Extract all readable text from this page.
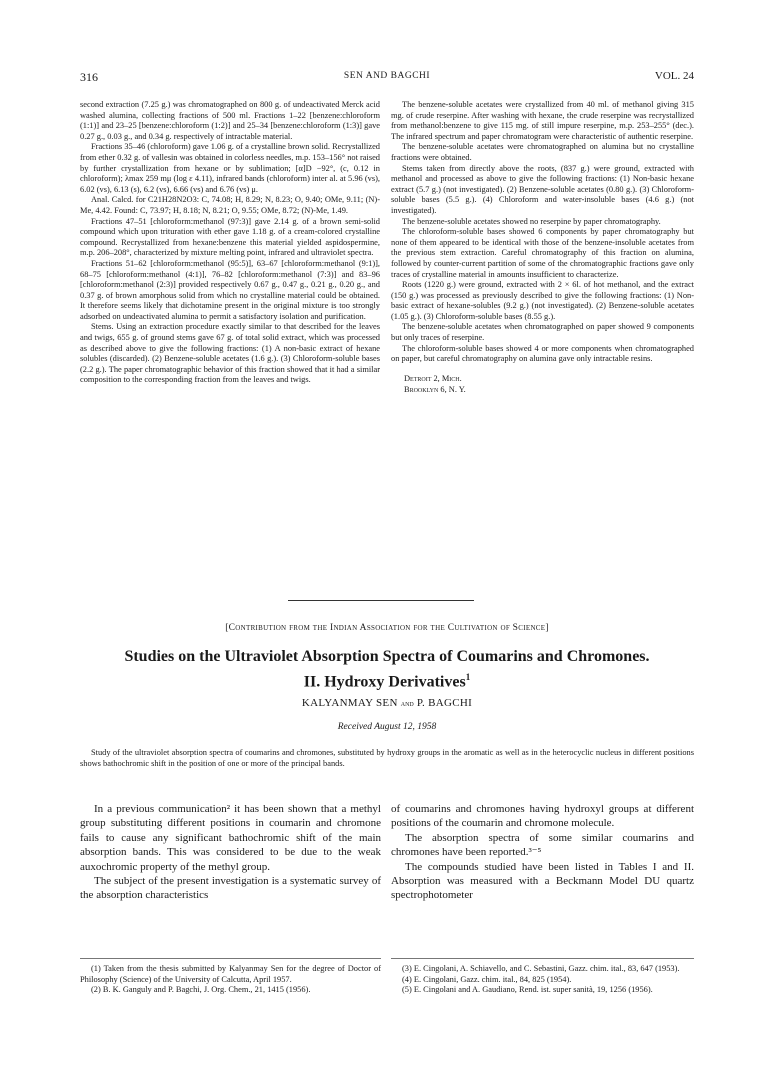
316	SEN AND BAGCHI	VOL. 24

second extraction (7.25 g.) was chromatographed on 800 g. of undeactivated Merck acid washed alumina, collecting fractions of 500 ml. Fractions 1–22 [benzene:chloroform (1:1)] and 23–25 [benzene:chloroform (1:2)] and 25–34 [benzene:chloroform (1:3)] gave 0.27 g., 0.03 g., and 0.34 g. respectively of intractable material.

Fractions 35–46 (chloroform) gave 1.06 g. of a crystalline brown solid. Recrystallized from ether 0.32 g. of vallesin was obtained in colorless needles, m.p. 153–156° not raised by further crystallization from hexane or by sublimation; [α]D −92°, (c, 0.12 in chloroform); λmax 259 mμ (log ε 4.11), infrared bands (chloroform) inter al. at 5.96 (vs), 6.02 (vs), 6.13 (s), 6.2 (vs), 6.66 (vs) and 6.76 (vs) μ.

Anal. Calcd. for C21H28N2O3: C, 74.08; H, 8.29; N, 8.23; O, 9.40; OMe, 9.11; (N)-Me, 4.42. Found: C, 73.97; H, 8.18; N, 8.21; O, 9.55; OMe, 8.72; (N)-Me, 1.49.

Fractions 47–51 [chloroform:methanol (97:3)] gave 2.14 g. of a brown semi-solid compound which upon trituration with ether gave 1.18 g. of a cream-colored crystalline compound. Recrystallized from hexane:benzene this material yielded aspidospermine, m.p. 206–208°, characterized by mixture melting point, infrared and ultraviolet spectra.

Fractions 51–62 [chloroform:methanol (95:5)], 63–67 [chloroform:methanol (9:1)], 68–75 [chloroform:methanol (4:1)], 76–82 [chloroform:methanol (7:3)] and 83–96 [chloroform:methanol (2:3)] provided respectively 0.67 g., 0.47 g., 0.21 g., 0.20 g., and 0.37 g. of brown amorphous solid from which no crystalline material could be obtained. It therefore seems likely that dichotamine present in the original mixture is too strongly adsorbed on undeactivated alumina to permit a satisfactory isolation and purification.

Stems. Using an extraction procedure exactly similar to that described for the leaves and twigs, 655 g. of ground stems gave 67 g. of total solid extract, which was processed as described above to give the following fractions: (1) A non-basic extract of hexane solubles (discarded). (2) Benzene-soluble acetates (1.6 g.). (3) Chloroform-soluble bases (2.2 g.). The paper chromatographic behavior of this fraction showed that it had a similar composition to the corresponding fraction from the leaves and twigs.

The benzene-soluble acetates were crystallized from 40 ml. of methanol giving 315 mg. of crude reserpine. After washing with hexane, the crude reserpine was recrystallized from methanol:benzene to give 115 mg. of still impure reserpine, m.p. 253–255° (dec.). The infrared spectrum and paper chromatogram were characteristic of authentic reserpine.

The benzene-soluble acetates were chromatographed on alumina but no crystalline fractions were obtained.

Stems taken from directly above the roots, (837 g.) were ground, extracted with methanol and processed as above to give the following fractions: (1) Non-basic hexane extract (5.7 g.) (not investigated). (2) Benzene-soluble acetates (0.80 g.). (3) Chloroform-soluble bases (5.5 g.). (4) Chloroform and water-insoluble bases (4.6 g.) (not investigated).

The benzene-soluble acetates showed no reserpine by paper chromatography.

The chloroform-soluble bases showed 6 components by paper chromatography but none of them appeared to be identical with those of the benzene-insoluble acetates from the previous stem extraction. Careful chromatography of this fraction on alumina, followed by counter-current partition of some of the chromatographic fractions gave only traces of crystalline material in amounts insufficient to characterize.

Roots (1220 g.) were ground, extracted with 2 × 6l. of hot methanol, and the extract (150 g.) was processed as previously described to give the following fractions: (1) Non-basic extract of hexane-solubles (9.2 g.) (not investigated). (2) Benzene-soluble acetates (1.05 g.). (3) Chloroform-soluble bases (8.55 g.).

The benzene-soluble acetates when chromatographed on paper showed 9 components but only traces of reserpine.

The chloroform-soluble bases showed 4 or more components when chromatographed on paper, but careful chromatography on alumina gave only intractable resins.

Detroit 2, Mich.
Brooklyn 6, N. Y.

[Contribution from the Indian Association for the Cultivation of Science]
Studies on the Ultraviolet Absorption Spectra of Coumarins and Chromones.
II. Hydroxy Derivatives$^1$
KALYANMAY SEN and P. BAGCHI
Received August 12, 1958
Study of the ultraviolet absorption spectra of coumarins and chromones, substituted by hydroxy groups in the aromatic as well as in the heterocyclic nucleus in different positions shows bathochromic shift in the position of one or more of the principal bands.

In a previous communication² it has been shown that a methyl group substituting different positions in coumarin and chromone fails to cause any significant bathochromic shift of the main absorption bands. This was considered to be due to the weak auxochromic property of the methyl group.

The subject of the present investigation is a systematic survey of the absorption characteristics

of coumarins and chromones having hydroxyl groups at different positions of the coumarin and chromone molecule.

The absorption spectra of some similar coumarins and chromones have been reported.³⁻⁵

The compounds studied have been listed in Tables I and II. Absorption was measured with a Beckmann Model DU quartz spectrophotometer

(1) Taken from the thesis submitted by Kalyanmay Sen for the degree of Doctor of Philosophy (Science) of the University of Calcutta, April 1957.

(2) B. K. Ganguly and P. Bagchi, J. Org. Chem., 21, 1415 (1956).

(3) E. Cingolani, A. Schiavello, and C. Sebastini, Gazz. chim. ital., 83, 647 (1953).

(4) E. Cingolani, Gazz. chim. ital., 84, 825 (1954).

(5) E. Cingolani and A. Gaudiano, Rend. ist. super sanità, 19, 1256 (1956).
